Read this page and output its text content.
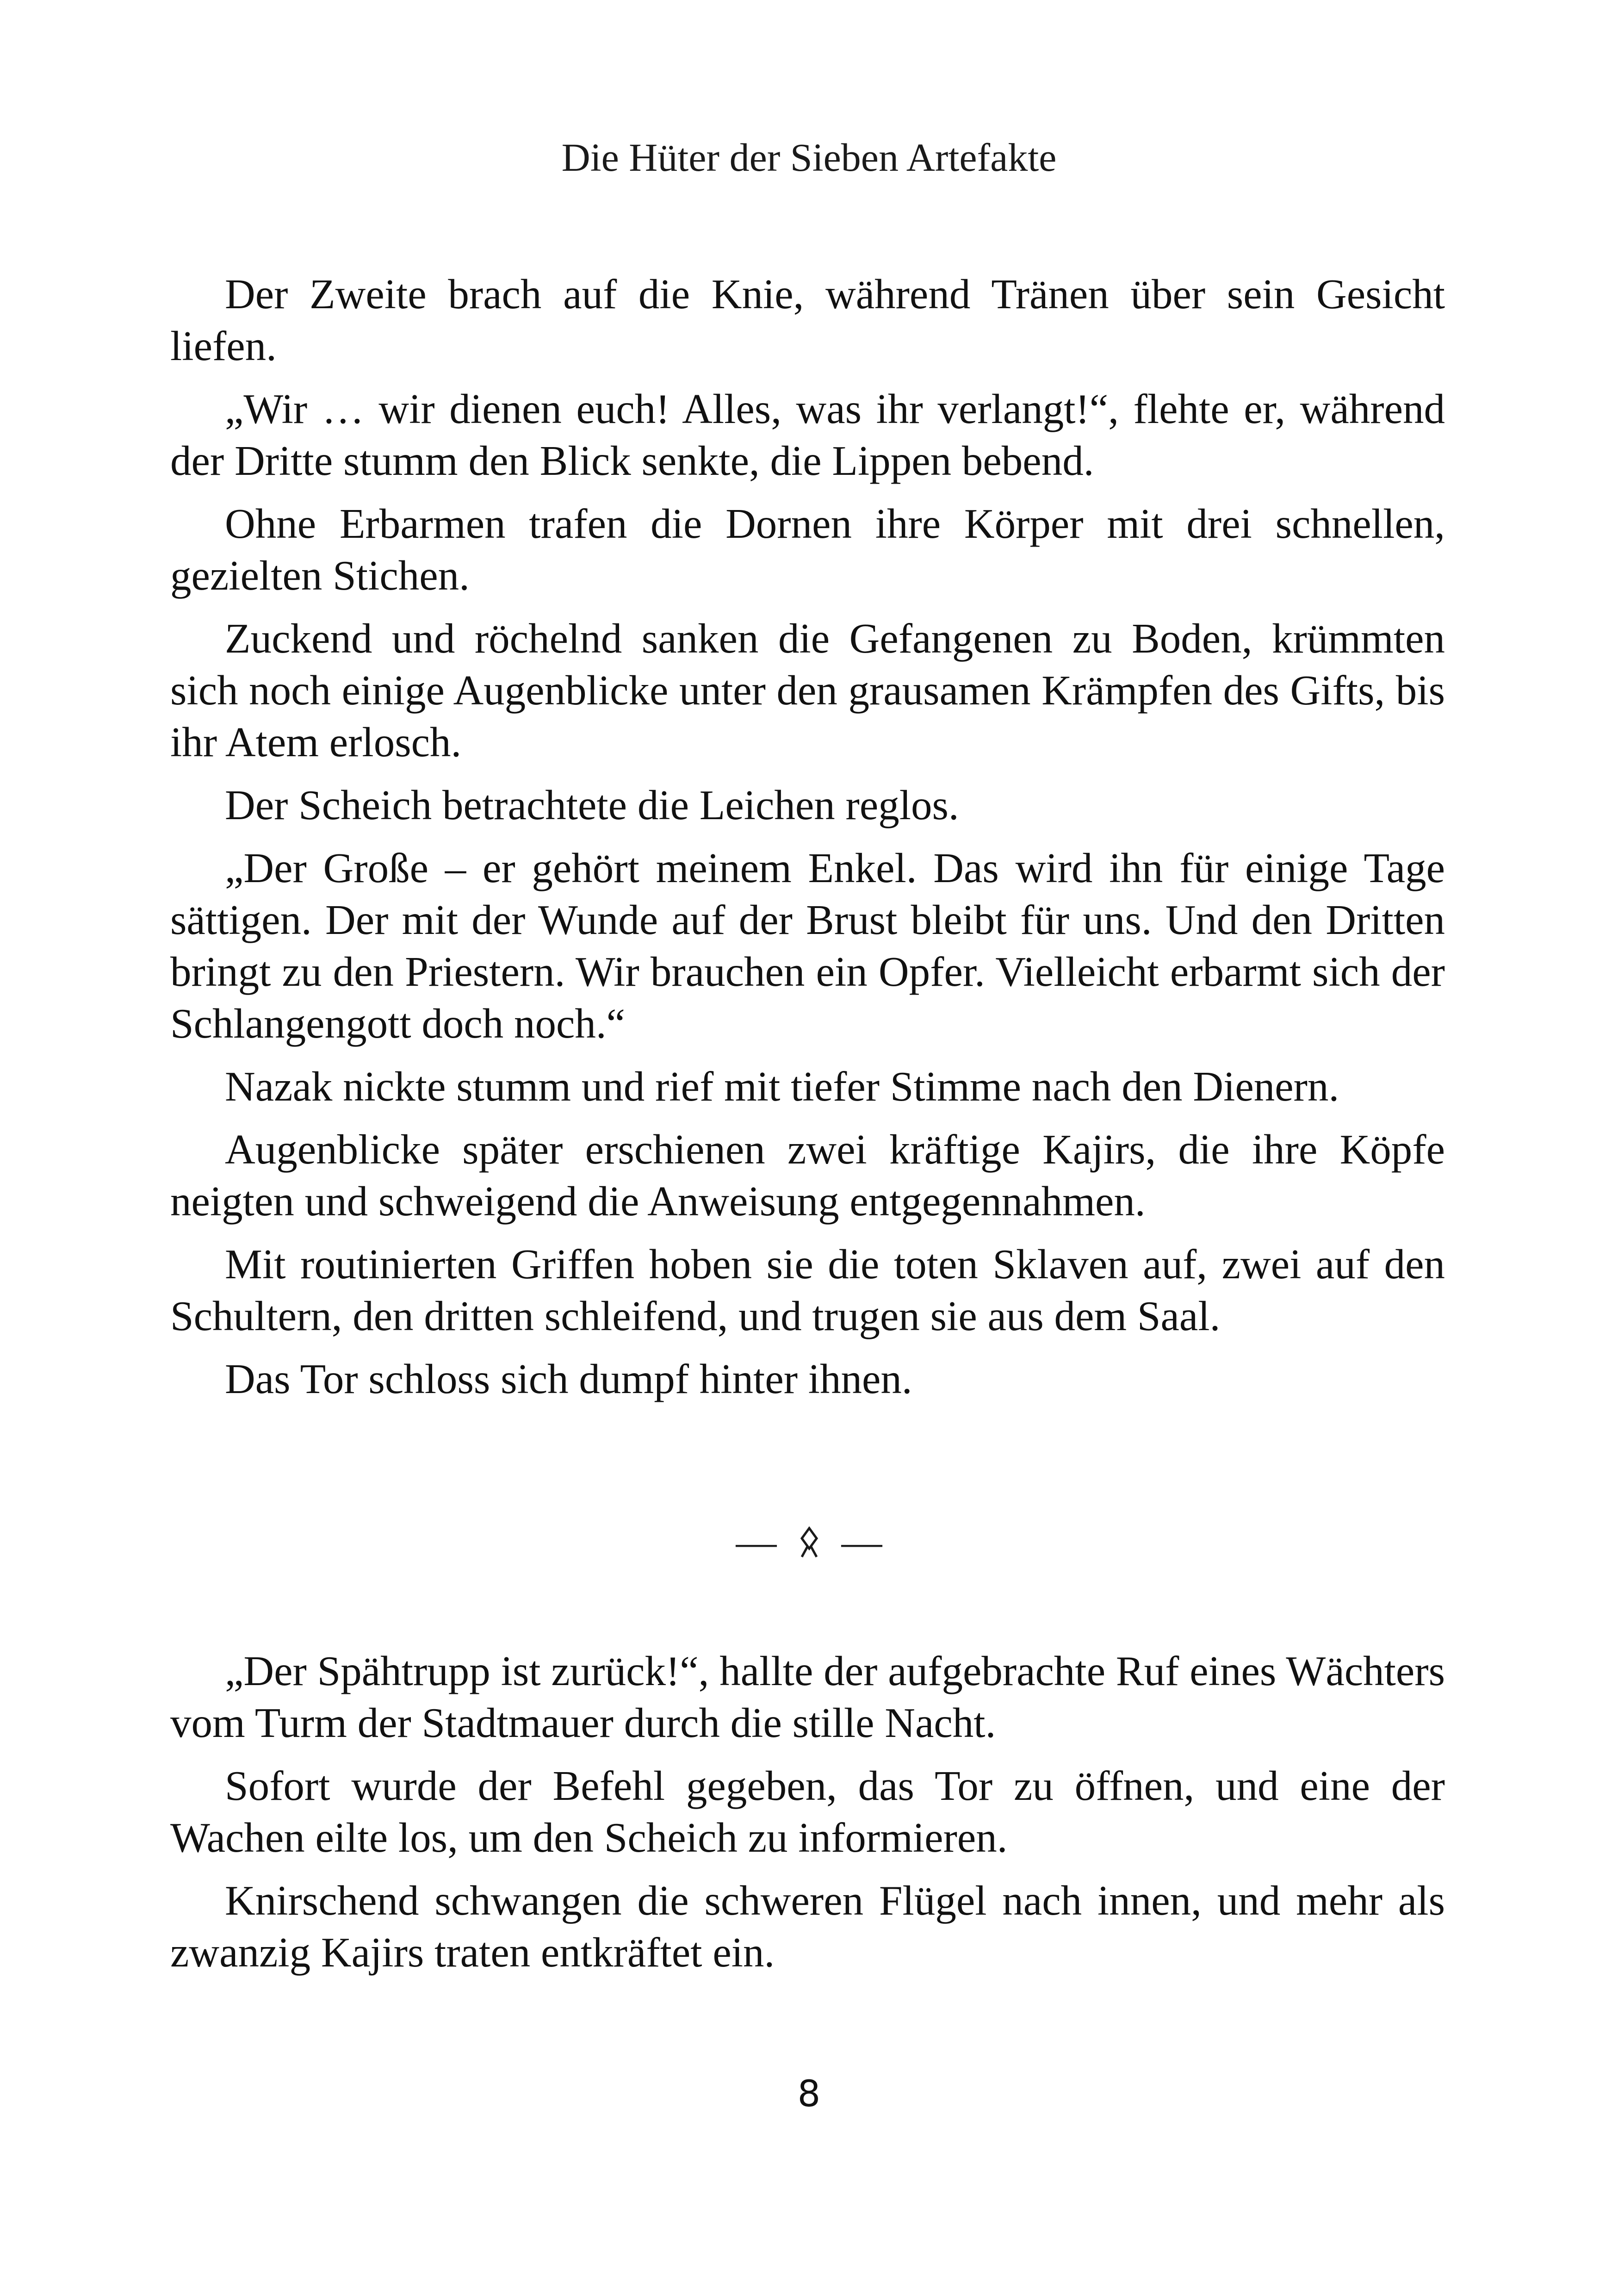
Die Hüter der Sieben Artefakte

Der Zweite brach auf die Knie, während Tränen über sein Gesicht liefen.

„Wir … wir dienen euch! Alles, was ihr verlangt!“, flehte er, während der Dritte stumm den Blick senkte, die Lippen bebend.

Ohne Erbarmen trafen die Dornen ihre Körper mit drei schnellen, gezielten Stichen.

Zuckend und röchelnd sanken die Gefangenen zu Boden, krümmten sich noch einige Augenblicke unter den grausamen Krämpfen des Gifts, bis ihr Atem erlosch.

Der Scheich betrachtete die Leichen reglos.

„Der Große – er gehört meinem Enkel. Das wird ihn für einige Tage sättigen. Der mit der Wunde auf der Brust bleibt für uns. Und den Dritten bringt zu den Priestern. Wir brauchen ein Opfer. Vielleicht erbarmt sich der Schlangengott doch noch.“

Nazak nickte stumm und rief mit tiefer Stimme nach den Dienern.

Augenblicke später erschienen zwei kräftige Kajirs, die ihre Köpfe neigten und schweigend die Anweisung entgegennahmen.

Mit routinierten Griffen hoben sie die toten Sklaven auf, zwei auf den Schultern, den dritten schleifend, und trugen sie aus dem Saal.

Das Tor schloss sich dumpf hinter ihnen.

— —

„Der Spähtrupp ist zurück!“, hallte der aufgebrachte Ruf eines Wächters vom Turm der Stadtmauer durch die stille Nacht.

Sofort wurde der Befehl gegeben, das Tor zu öffnen, und eine der Wachen eilte los, um den Scheich zu informieren.

Knirschend schwangen die schweren Flügel nach innen, und mehr als zwanzig Kajirs traten entkräftet ein.

8
